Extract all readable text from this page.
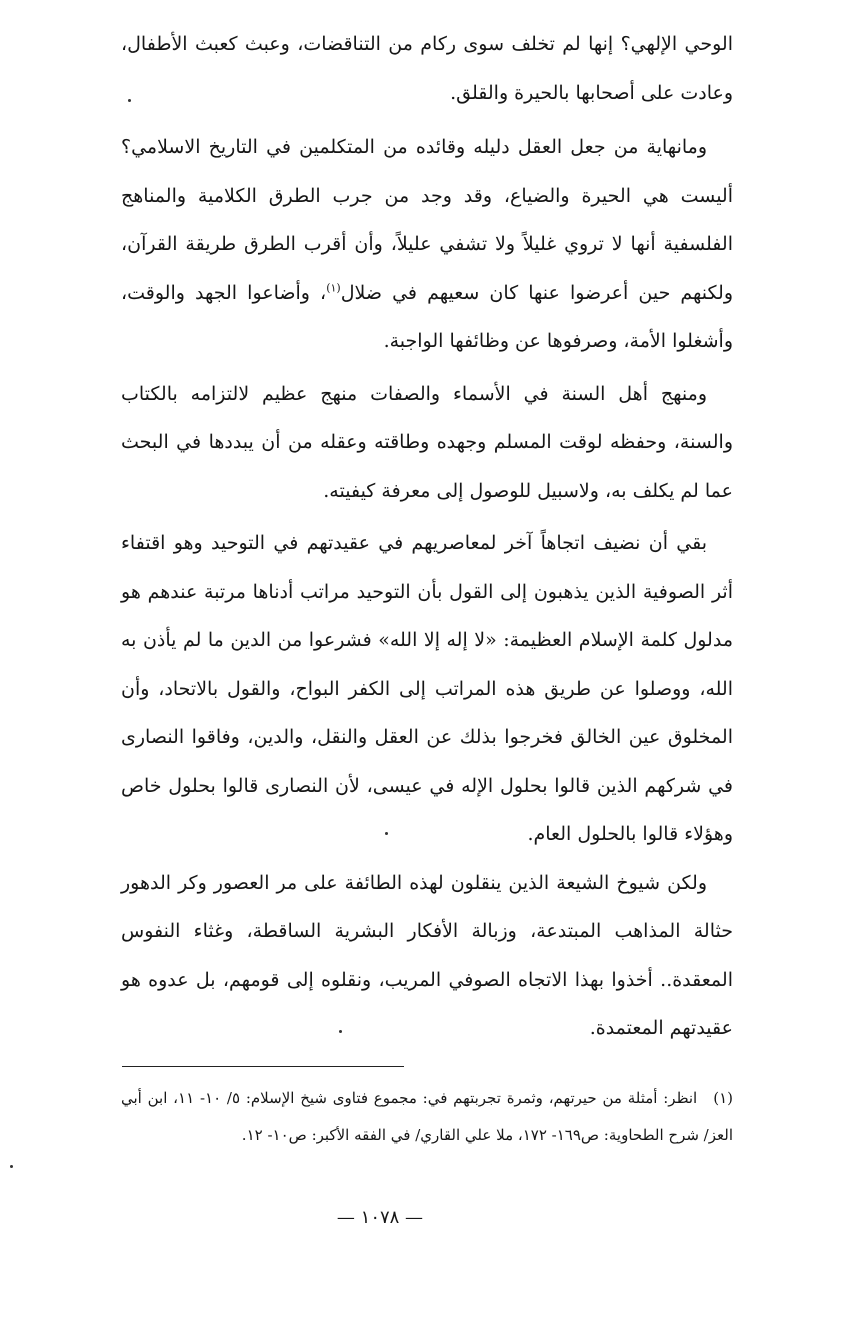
الوحي الإلهي؟ إنها لم تخلف سوى ركام من التناقضات، وعبث كعبث الأطفال، وعادت على أصحابها بالحيرة والقلق.

ومانهاية من جعل العقل دليله وقائده من المتكلمين في التاريخ الاسلامي؟ أليست هي الحيرة والضياع، وقد وجد من جرب الطرق الكلامية والمناهج الفلسفية أنها لا تروي غليلاً ولا تشفي عليلاً، وأن أقرب الطرق طريقة القرآن، ولكنهم حين أعرضوا عنها كان سعيهم في ضلال$^{(١)}$، وأضاعوا الجهد والوقت، وأشغلوا الأمة، وصرفوها عن وظائفها الواجبة.

ومنهج أهل السنة في الأسماء والصفات منهج عظيم لالتزامه بالكتاب والسنة، وحفظه لوقت المسلم وجهده وطاقته وعقله من أن يبددها في البحث عما لم يكلف به، ولاسبيل للوصول إلى معرفة كيفيته.

بقي أن نضيف اتجاهاً آخر لمعاصريهم في عقيدتهم في التوحيد وهو اقتفاء أثر الصوفية الذين يذهبون إلى القول بأن التوحيد مراتب أدناها مرتبة عندهم هو مدلول كلمة الإسلام العظيمة: «لا إله إلا الله» فشرعوا من الدين ما لم يأذن به الله، ووصلوا عن طريق هذه المراتب إلى الكفر البواح، والقول بالاتحاد، وأن المخلوق عين الخالق فخرجوا بذلك عن العقل والنقل، والدين، وفاقوا النصارى في شركهم الذين قالوا بحلول الإله في عيسى، لأن النصارى قالوا بحلول خاص وهؤلاء قالوا بالحلول العام.

ولكن شيوخ الشيعة الذين ينقلون لهذه الطائفة على مر العصور وكر الدهور حثالة المذاهب المبتدعة، وزبالة الأفكار البشرية الساقطة، وغثاء النفوس المعقدة.. أخذوا بهذا الاتجاه الصوفي المريب، ونقلوه إلى قومهم، بل عدوه هو عقيدتهم المعتمدة.

(١)انظر: أمثلة من حيرتهم، وثمرة تجربتهم في: مجموع فتاوى شيخ الإسلام: ٥/ ١٠- ١١، ابن أبي العز/ شرح الطحاوية: ص١٦٩- ١٧٢، ملا علي القاري/ في الفقه الأكبر: ص١٠- ١٢.
— ١٠٧٨ —
